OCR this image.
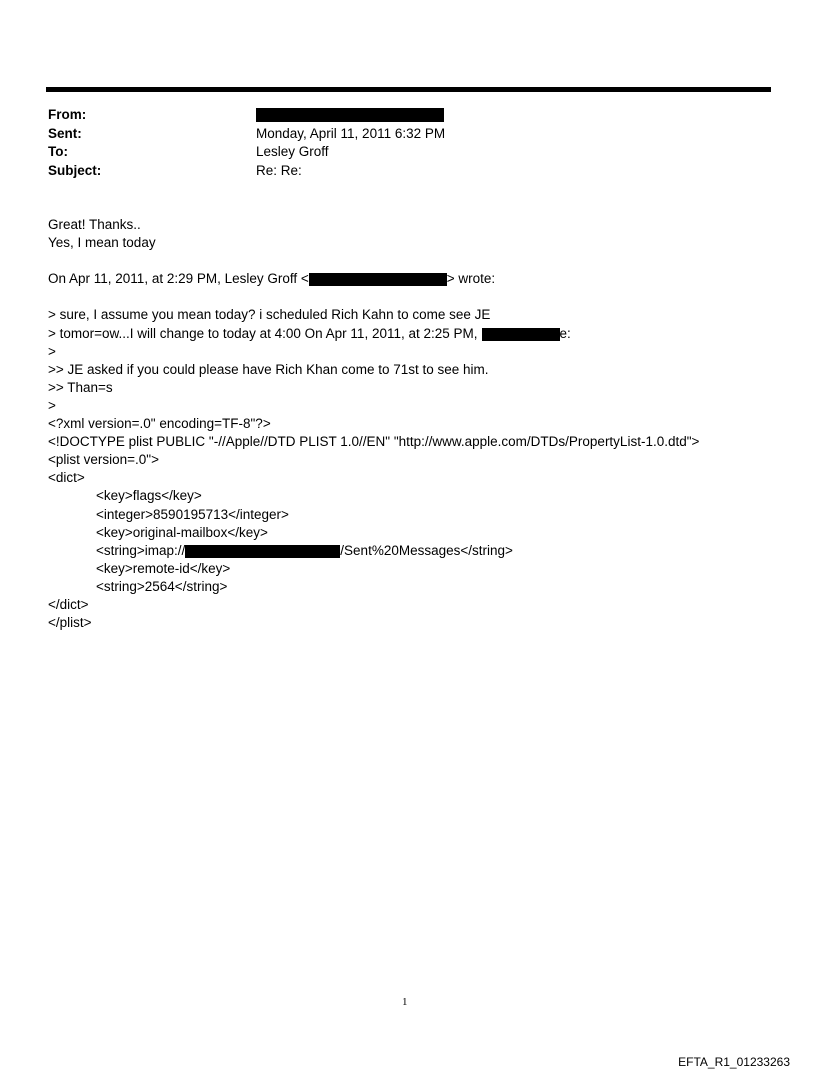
From:
Sent:	Monday, April 11, 2011 6:32 PM
To:	Lesley Groff
Subject:	Re: Re:
Great! Thanks..
Yes, I mean today
On Apr 11, 2011, at 2:29 PM, Lesley Groff <	> wrote:
> sure, I assume you mean today? i scheduled Rich Kahn to come see JE
> tomor=ow...I will change to today at 4:00 On Apr 11, 2011, at 2:25 PM,	e:
>
>> JE asked if you could please have Rich Khan come to 71st to see him.
>> Than=s
>
<?xml version=.0" encoding=TF-8"?>
<!DOCTYPE plist PUBLIC "-//Apple//DTD PLIST 1.0//EN" "http://www.apple.com/DTDs/PropertyList-1.0.dtd">
<plist version=.0">
<dict>
<key>flags</key>
<integer>8590195713</integer>
<key>original-mailbox</key>
<string>imap://	/Sent%20Messages</string>
<key>remote-id</key>
<string>2564</string>
</dict>
</plist>
1
EFTA_R1_01233263
